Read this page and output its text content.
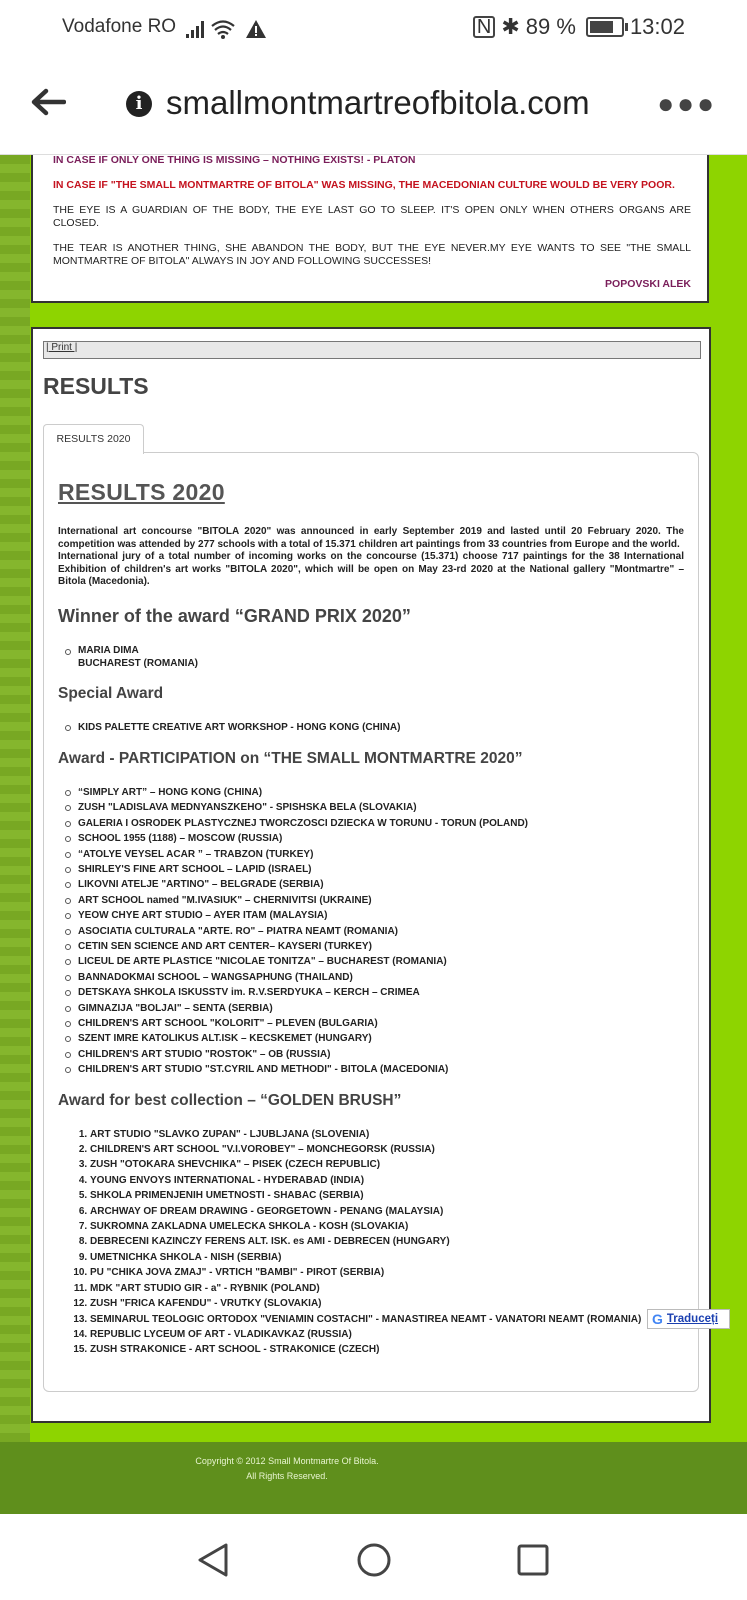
Vodafone RO	N ✱ 89 % 13:02
i smallmontmartreofbitola.com ●●●

IN CASE IF ONLY ONE THING IS MISSING – NOTHING EXISTS! - PLATON

IN CASE IF "THE SMALL MONTMARTRE OF BITOLA" WAS MISSING, THE MACEDONIAN CULTURE WOULD BE VERY POOR.

THE EYE IS A GUARDIAN OF THE BODY, THE EYE LAST GO TO SLEEP. IT'S OPEN ONLY WHEN OTHERS ORGANS ARE CLOSED.

THE TEAR IS ANOTHER THING, SHE ABANDON THE BODY, BUT THE EYE NEVER.MY EYE WANTS TO SEE "THE SMALL MONTMARTRE OF BITOLA" ALWAYS IN JOY AND FOLLOWING SUCCESSES!

POPOVSKI ALEK

| Print |
RESULTS
RESULTS 2020
RESULTS 2020

International art concourse "BITOLA 2020" was announced in early September 2019 and lasted until 20 February 2020. The competition was attended by 277 schools with a total of 15.371 children art paintings from 33 countries from Europe and the world.

International jury of a total number of incoming works on the concourse (15.371) choose 717 paintings for the 38 International Exhibition of children's art works "BITOLA 2020", which will be open on May 23-rd 2020 at the National gallery "Montmartre" – Bitola (Macedonia).

Winner of the award “GRAND PRIX 2020”
MARIA DIMA
BUCHAREST (ROMANIA)
Special Award
KIDS PALETTE CREATIVE ART WORKSHOP - HONG KONG (CHINA)
Award - PARTICIPATION on “THE SMALL MONTMARTRE 2020”
“SIMPLY ART” – HONG KONG (CHINA)
ZUSH "LADISLAVA MEDNYANSZKEHO" - SPISHSKA BELA (SLOVAKIA)
GALERIA I OSRODEK PLASTYCZNEJ TWORCZOSCI DZIECKA W TORUNU - TORUN (POLAND)
SCHOOL 1955 (1188) – MOSCOW (RUSSIA)
“ATOLYE VEYSEL ACAR ” – TRABZON (TURKEY)
SHIRLEY'S FINE ART SCHOOL – LAPID (ISRAEL)
LIKOVNI ATELJE "ARTINO" – BELGRADE (SERBIA)
ART SCHOOL named "M.IVASIUK" – CHERNIVITSI (UKRAINE)
YEOW CHYE ART STUDIO – AYER ITAM (MALAYSIA)
ASOCIATIA CULTURALA "ARTE. RO" – PIATRA NEAMT (ROMANIA)
CETIN SEN SCIENCE AND ART CENTER– KAYSERI (TURKEY)
LICEUL DE ARTE PLASTICE "NICOLAE TONITZA" – BUCHAREST (ROMANIA)
BANNADOKMAI SCHOOL – WANGSAPHUNG (THAILAND)
DETSKAYA SHKOLA ISKUSSTV im. R.V.SERDYUKA – KERCH – CRIMEA
GIMNAZIJA "BOLJAI" – SENTA (SERBIA)
CHILDREN'S ART SCHOOL "KOLORIT" – PLEVEN (BULGARIA)
SZENT IMRE KATOLIKUS ALT.ISK – KECSKEMET (HUNGARY)
CHILDREN'S ART STUDIO "ROSTOK" – OB (RUSSIA)
CHILDREN'S ART STUDIO "ST.CYRIL AND METHODI" - BITOLA (MACEDONIA)
Award for best collection – “GOLDEN BRUSH”
1. ART STUDIO "SLAVKO ZUPAN" - LJUBLJANA (SLOVENIA)
2. CHILDREN'S ART SCHOOL "V.I.VOROBEY" – MONCHEGORSK (RUSSIA)
3. ZUSH "OTOKARA SHEVCHIKA" – PISEK (CZECH REPUBLIC)
4. YOUNG ENVOYS INTERNATIONAL - HYDERABAD (INDIA)
5. SHKOLA PRIMENJENIH UMETNOSTI - SHABAC (SERBIA)
6. ARCHWAY OF DREAM DRAWING - GEORGETOWN - PENANG (MALAYSIA)
7. SUKROMNA ZAKLADNA UMELECKA SHKOLA - KOSH (SLOVAKIA)
8. DEBRECENI KAZINCZY FERENS ALT. ISK. es AMI - DEBRECEN (HUNGARY)
9. UMETNICHKA SHKOLA - NISH (SERBIA)
10. PU "CHIKA JOVA ZMAJ" - VRTICH "BAMBI" - PIROT (SERBIA)
11. MDK "ART STUDIO GIR - a" - RYBNIK (POLAND)
12. ZUSH "FRICA KAFENDU" - VRUTKY (SLOVAKIA)
13. SEMINARUL TEOLOGIC ORTODOX "VENIAMIN COSTACHI" - MANASTIREA NEAMT - VANATORI NEAMT (ROMANIA)
14. REPUBLIC LYCEUM OF ART - VLADIKAVKAZ (RUSSIA)
15. ZUSH STRAKONICE - ART SCHOOL - STRAKONICE (CZECH)
Copyright © 2012 Small Montmartre Of Bitola.
All Rights Reserved.
G Traduceți
